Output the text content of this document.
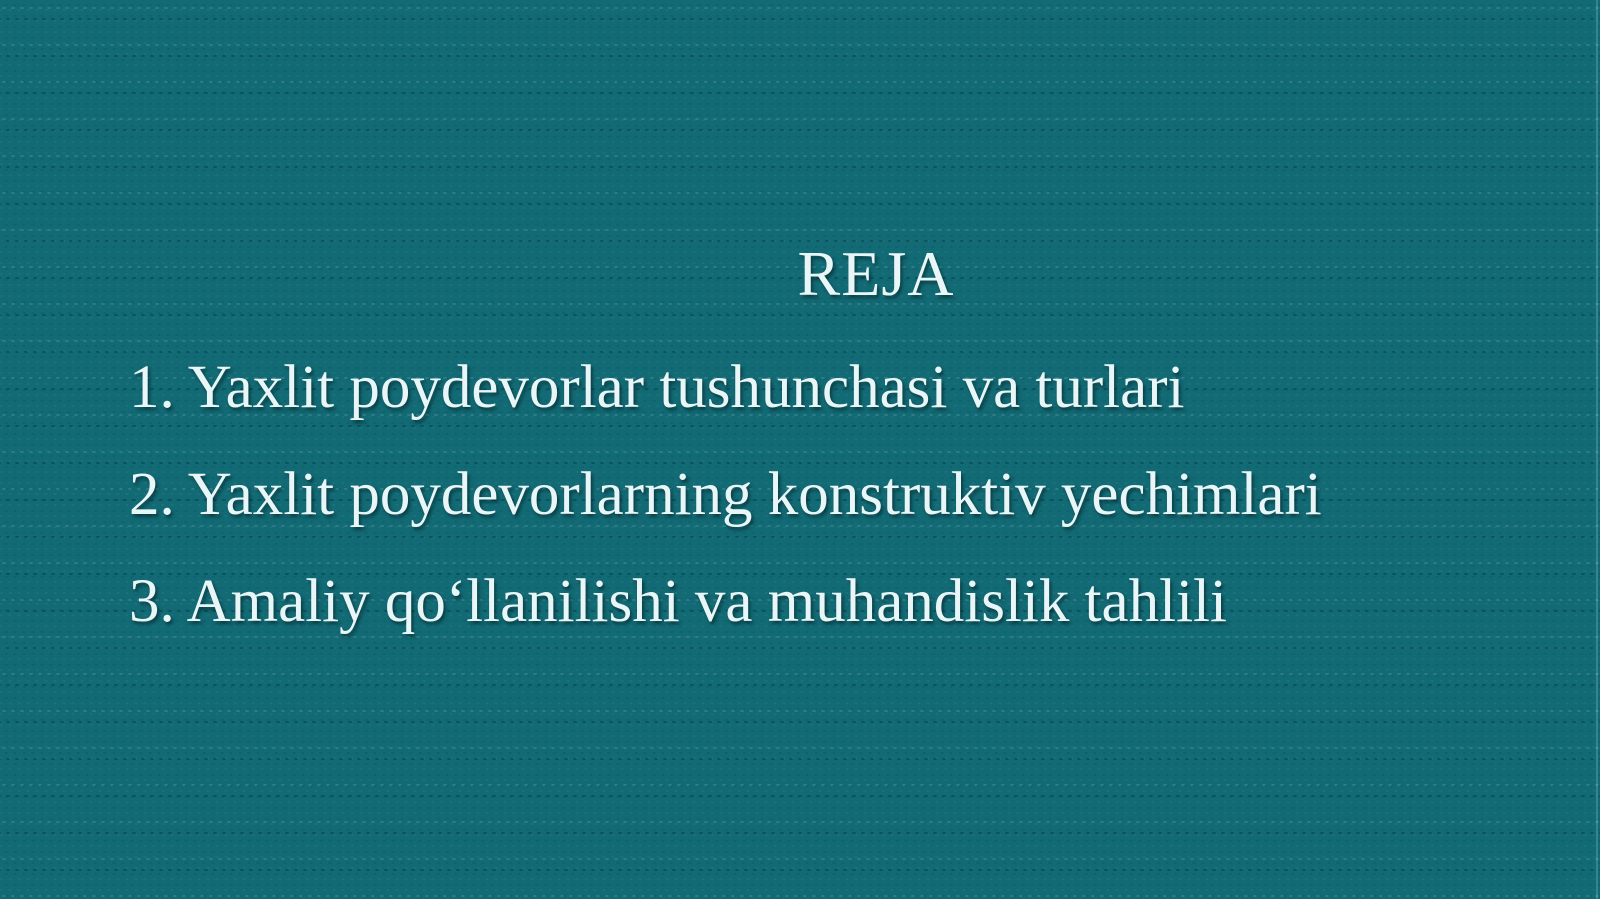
REJA

1. Yaxlit poydevorlar tushunchasi va turlari

2. Yaxlit poydevorlarning konstruktiv yechimlari

3. Amaliy qo‘llanilishi va muhandislik tahlili
